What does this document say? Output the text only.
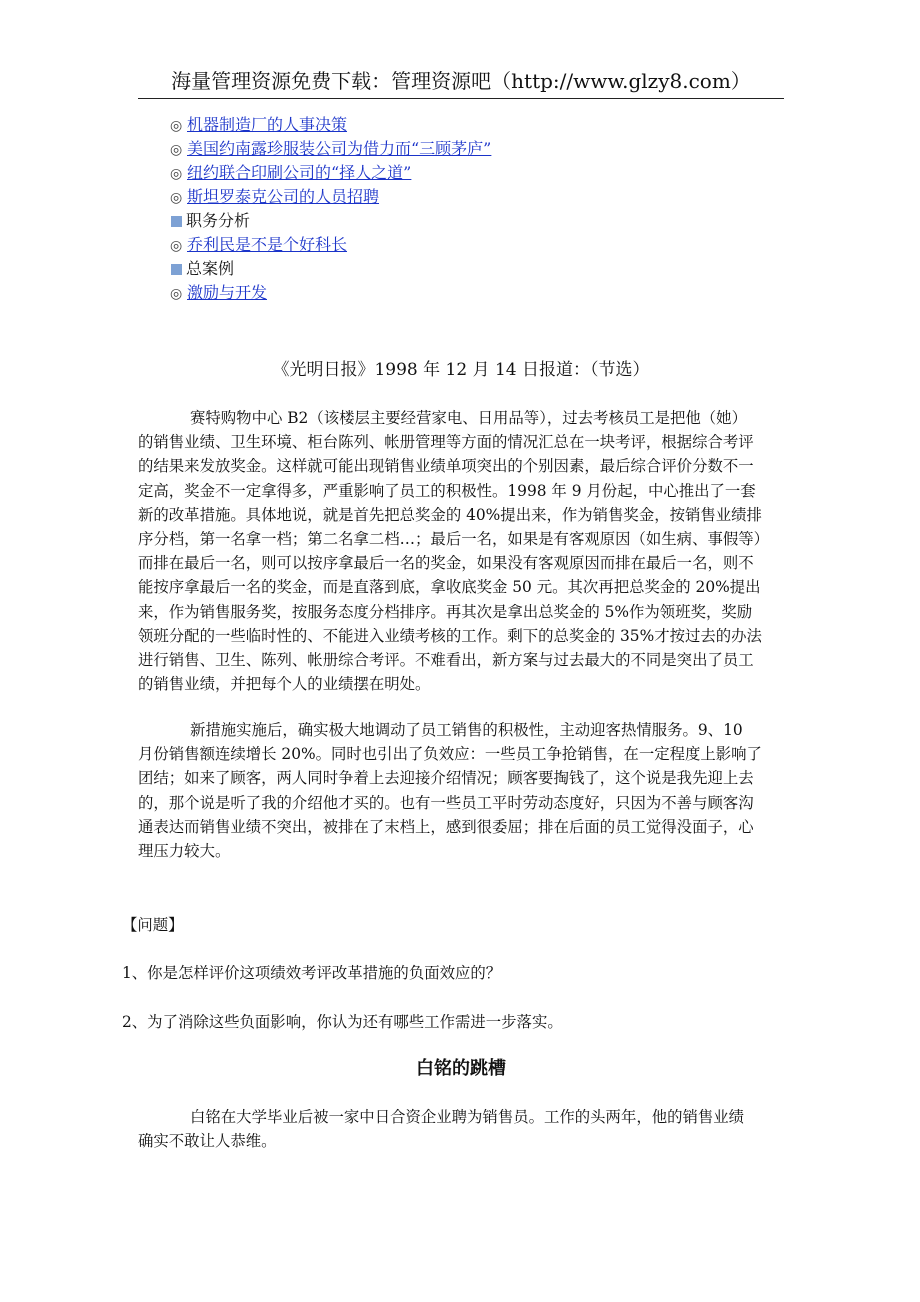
海量管理资源免费下载：管理资源吧（http://www.glzy8.com）
◎ 机器制造厂的人事决策
◎ 美国约南露珍服装公司为借力而“三顾茅庐”
◎ 纽约联合印刷公司的“择人之道”
◎ 斯坦罗泰克公司的人员招聘
职务分析
◎ 乔利民是不是个好科长
总案例
◎ 激励与开发
《光明日报》1998 年 12 月 14 日报道：（节选）
赛特购物中心 B2（该楼层主要经营家电、日用品等），过去考核员工是把他（她）
的销售业绩、卫生环境、柜台陈列、帐册管理等方面的情况汇总在一块考评，根据综合考评
的结果来发放奖金。这样就可能出现销售业绩单项突出的个别因素，最后综合评价分数不一
定高，奖金不一定拿得多，严重影响了员工的积极性。1998 年 9 月份起，中心推出了一套
新的改革措施。具体地说，就是首先把总奖金的 40%提出来，作为销售奖金，按销售业绩排
序分档，第一名拿一档；第二名拿二档…；最后一名，如果是有客观原因（如生病、事假等）
而排在最后一名，则可以按序拿最后一名的奖金，如果没有客观原因而排在最后一名，则不
能按序拿最后一名的奖金，而是直落到底，拿收底奖金 50 元。其次再把总奖金的 20%提出
来，作为销售服务奖，按服务态度分档排序。再其次是拿出总奖金的 5%作为领班奖，奖励
领班分配的一些临时性的、不能进入业绩考核的工作。剩下的总奖金的 35%才按过去的办法
进行销售、卫生、陈列、帐册综合考评。不难看出，新方案与过去最大的不同是突出了员工
的销售业绩，并把每个人的业绩摆在明处。
新措施实施后，确实极大地调动了员工销售的积极性，主动迎客热情服务。9、10
月份销售额连续增长 20%。同时也引出了负效应：一些员工争抢销售，在一定程度上影响了
团结；如来了顾客，两人同时争着上去迎接介绍情况；顾客要掏钱了，这个说是我先迎上去
的，那个说是听了我的介绍他才买的。也有一些员工平时劳动态度好，只因为不善与顾客沟
通表达而销售业绩不突出，被排在了末档上，感到很委屈；排在后面的员工觉得没面子，心
理压力较大。
【问题】
1、你是怎样评价这项绩效考评改革措施的负面效应的？
2、为了消除这些负面影响，你认为还有哪些工作需进一步落实。
白铭的跳槽
白铭在大学毕业后被一家中日合资企业聘为销售员。工作的头两年，他的销售业绩
确实不敢让人恭维。
